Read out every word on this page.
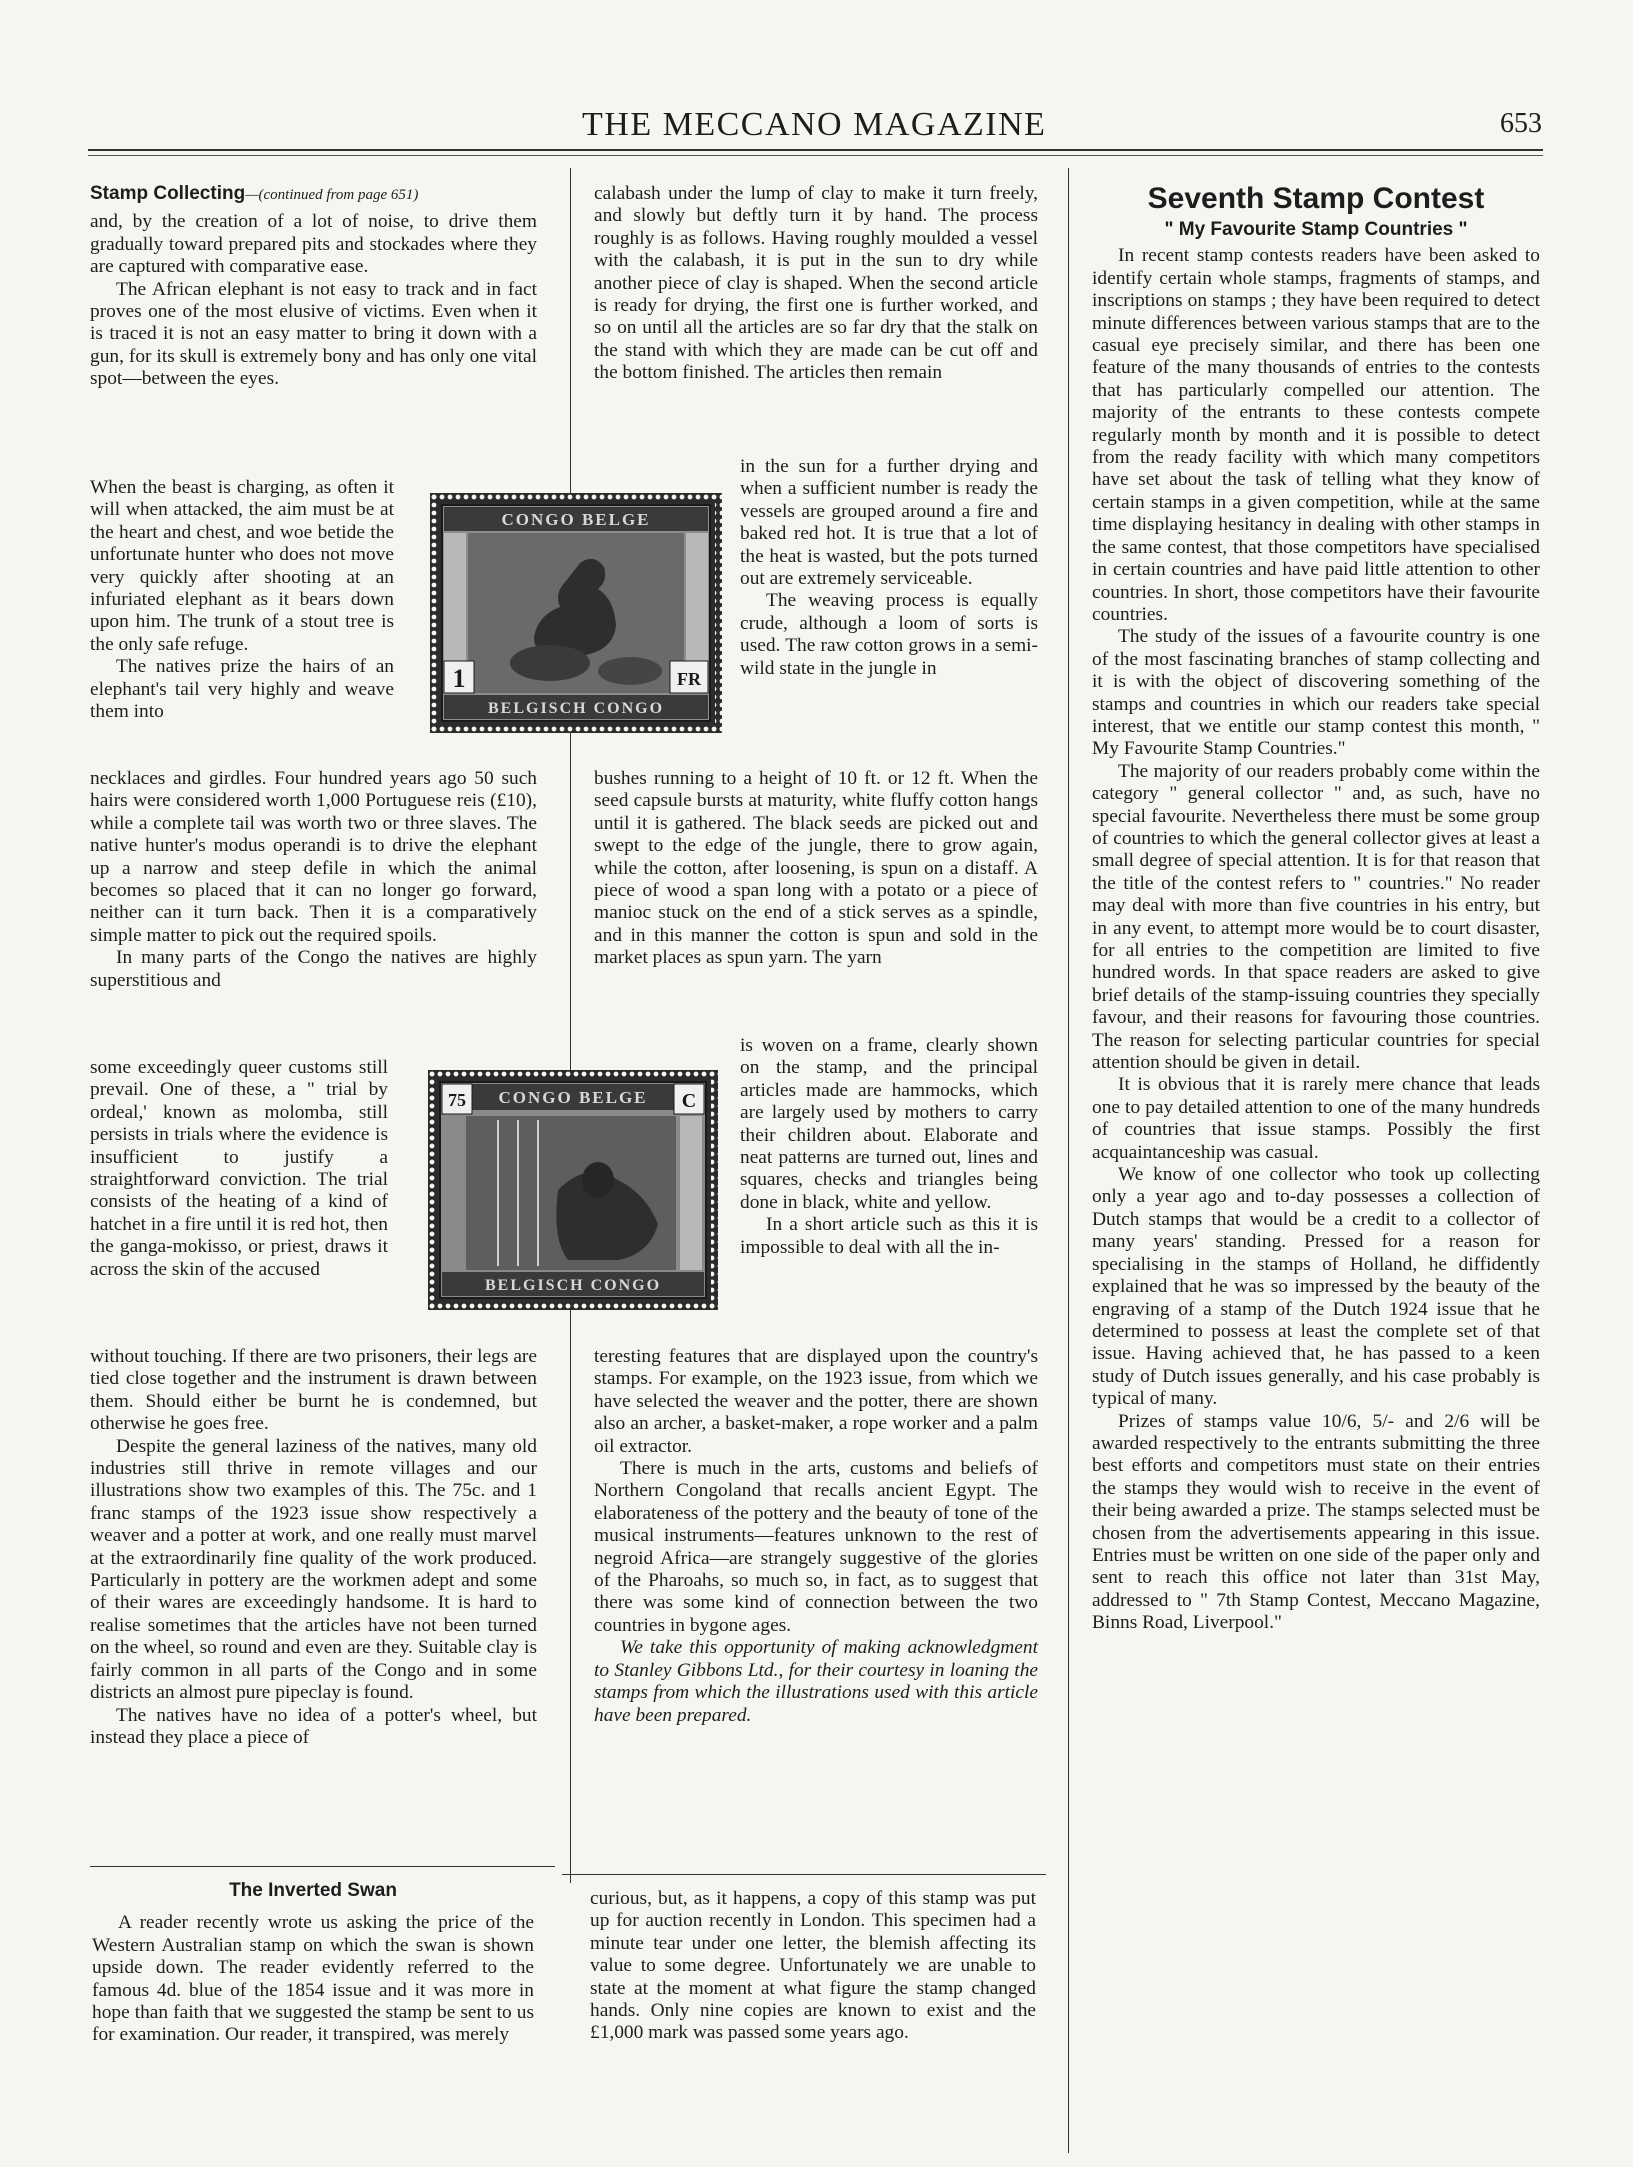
THE MECCANO MAGAZINE	653

Stamp Collecting—(continued from page 651)

and, by the creation of a lot of noise, to drive them gradually toward prepared pits and stockades where they are captured with comparative ease.

The African elephant is not easy to track and in fact proves one of the most elusive of victims. Even when it is traced it is not an easy matter to bring it down with a gun, for its skull is extremely bony and has only one vital spot—between the eyes.

When the beast is charging, as often it will when attacked, the aim must be at the heart and chest, and woe betide the unfortunate hunter who does not move very quickly after shooting at an infuriated elephant as it bears down upon him. The trunk of a stout tree is the only safe refuge.

The natives prize the hairs of an elephant's tail very highly and weave them into

necklaces and girdles. Four hundred years ago 50 such hairs were considered worth 1,000 Portuguese reis (£10), while a complete tail was worth two or three slaves. The native hunter's modus operandi is to drive the elephant up a narrow and steep defile in which the animal becomes so placed that it can no longer go forward, neither can it turn back. Then it is a comparatively simple matter to pick out the required spoils.

In many parts of the Congo the natives are highly superstitious and

some exceedingly queer customs still prevail. One of these, a " trial by ordeal,' known as molomba, still persists in trials where the evidence is insufficient to justify a straightforward conviction. The trial consists of the heating of a kind of hatchet in a fire until it is red hot, then the ganga-mokisso, or priest, draws it across the skin of the accused

without touching. If there are two prisoners, their legs are tied close together and the instrument is drawn between them. Should either be burnt he is condemned, but otherwise he goes free.

Despite the general laziness of the natives, many old industries still thrive in remote villages and our illustrations show two examples of this. The 75c. and 1 franc stamps of the 1923 issue show respectively a weaver and a potter at work, and one really must marvel at the extraordinarily fine quality of the work produced. Particularly in pottery are the workmen adept and some of their wares are exceedingly handsome. It is hard to realise sometimes that the articles have not been turned on the wheel, so round and even are they. Suitable clay is fairly common in all parts of the Congo and in some districts an almost pure pipeclay is found.

The natives have no idea of a potter's wheel, but instead they place a piece of

The Inverted Swan

A reader recently wrote us asking the price of the Western Australian stamp on which the swan is shown upside down. The reader evidently referred to the famous 4d. blue of the 1854 issue and it was more in hope than faith that we suggested the stamp be sent to us for examination. Our reader, it transpired, was merely

calabash under the lump of clay to make it turn freely, and slowly but deftly turn it by hand. The process roughly is as follows. Having roughly moulded a vessel with the calabash, it is put in the sun to dry while another piece of clay is shaped. When the second article is ready for drying, the first one is further worked, and so on until all the articles are so far dry that the stalk on the stand with which they are made can be cut off and the bottom finished. The articles then remain

in the sun for a further drying and when a sufficient number is ready the vessels are grouped around a fire and baked red hot. It is true that a lot of the heat is wasted, but the pots turned out are extremely serviceable.

The weaving process is equally crude, although a loom of sorts is used. The raw cotton grows in a semi-wild state in the jungle in

bushes running to a height of 10 ft. or 12 ft. When the seed capsule bursts at maturity, white fluffy cotton hangs until it is gathered. The black seeds are picked out and swept to the edge of the jungle, there to grow again, while the cotton, after loosening, is spun on a distaff. A piece of wood a span long with a potato or a piece of manioc stuck on the end of a stick serves as a spindle, and in this manner the cotton is spun and sold in the market places as spun yarn. The yarn

is woven on a frame, clearly shown on the stamp, and the principal articles made are hammocks, which are largely used by mothers to carry their children about. Elaborate and neat patterns are turned out, lines and squares, checks and triangles being done in black, white and yellow.

In a short article such as this it is impossible to deal with all the in-

teresting features that are displayed upon the country's stamps. For example, on the 1923 issue, from which we have selected the weaver and the potter, there are shown also an archer, a basket-maker, a rope worker and a palm oil extractor.

There is much in the arts, customs and beliefs of Northern Congoland that recalls ancient Egypt. The elaborateness of the pottery and the beauty of tone of the musical instruments—features unknown to the rest of negroid Africa—are strangely suggestive of the glories of the Pharoahs, so much so, in fact, as to suggest that there was some kind of connection between the two countries in bygone ages.

We take this opportunity of making acknowledgment to Stanley Gibbons Ltd., for their courtesy in loaning the stamps from which the illustrations used with this article have been prepared.

curious, but, as it happens, a copy of this stamp was put up for auction recently in London. This specimen had a minute tear under one letter, the blemish affecting its value to some degree. Unfortunately we are unable to state at the moment at what figure the stamp changed hands. Only nine copies are known to exist and the £1,000 mark was passed some years ago.

Seventh Stamp Contest
" My Favourite Stamp Countries "

In recent stamp contests readers have been asked to identify certain whole stamps, fragments of stamps, and inscriptions on stamps ; they have been required to detect minute differences between various stamps that are to the casual eye precisely similar, and there has been one feature of the many thousands of entries to the contests that has particularly compelled our attention. The majority of the entrants to these contests compete regularly month by month and it is possible to detect from the ready facility with which many competitors have set about the task of telling what they know of certain stamps in a given competition, while at the same time displaying hesitancy in dealing with other stamps in the same contest, that those competitors have specialised in certain countries and have paid little attention to other countries. In short, those competitors have their favourite countries.

The study of the issues of a favourite country is one of the most fascinating branches of stamp collecting and it is with the object of discovering something of the stamps and countries in which our readers take special interest, that we entitle our stamp contest this month, " My Favourite Stamp Countries."

The majority of our readers probably come within the category " general collector " and, as such, have no special favourite. Nevertheless there must be some group of countries to which the general collector gives at least a small degree of special attention. It is for that reason that the title of the contest refers to " countries." No reader may deal with more than five countries in his entry, but in any event, to attempt more would be to court disaster, for all entries to the competition are limited to five hundred words. In that space readers are asked to give brief details of the stamp-issuing countries they specially favour, and their reasons for favouring those countries. The reason for selecting particular countries for special attention should be given in detail.

It is obvious that it is rarely mere chance that leads one to pay detailed attention to one of the many hundreds of countries that issue stamps. Possibly the first acquaintanceship was casual.

We know of one collector who took up collecting only a year ago and to-day possesses a collection of Dutch stamps that would be a credit to a collector of many years' standing. Pressed for a reason for specialising in the stamps of Holland, he diffidently explained that he was so impressed by the beauty of the engraving of a stamp of the Dutch 1924 issue that he determined to possess at least the complete set of that issue. Having achieved that, he has passed to a keen study of Dutch issues generally, and his case probably is typical of many.

Prizes of stamps value 10/6, 5/- and 2/6 will be awarded respectively to the entrants submitting the three best efforts and competitors must state on their entries the stamps they would wish to receive in the event of their being awarded a prize. The stamps selected must be chosen from the advertisements appearing in this issue. Entries must be written on one side of the paper only and sent to reach this office not later than 31st May, addressed to " 7th Stamp Contest, Meccano Magazine, Binns Road, Liverpool."

CONGO BELGE
BELGISCH CONGO
1	FR
CONGO BELGE
BELGISCH CONGO
75	C
